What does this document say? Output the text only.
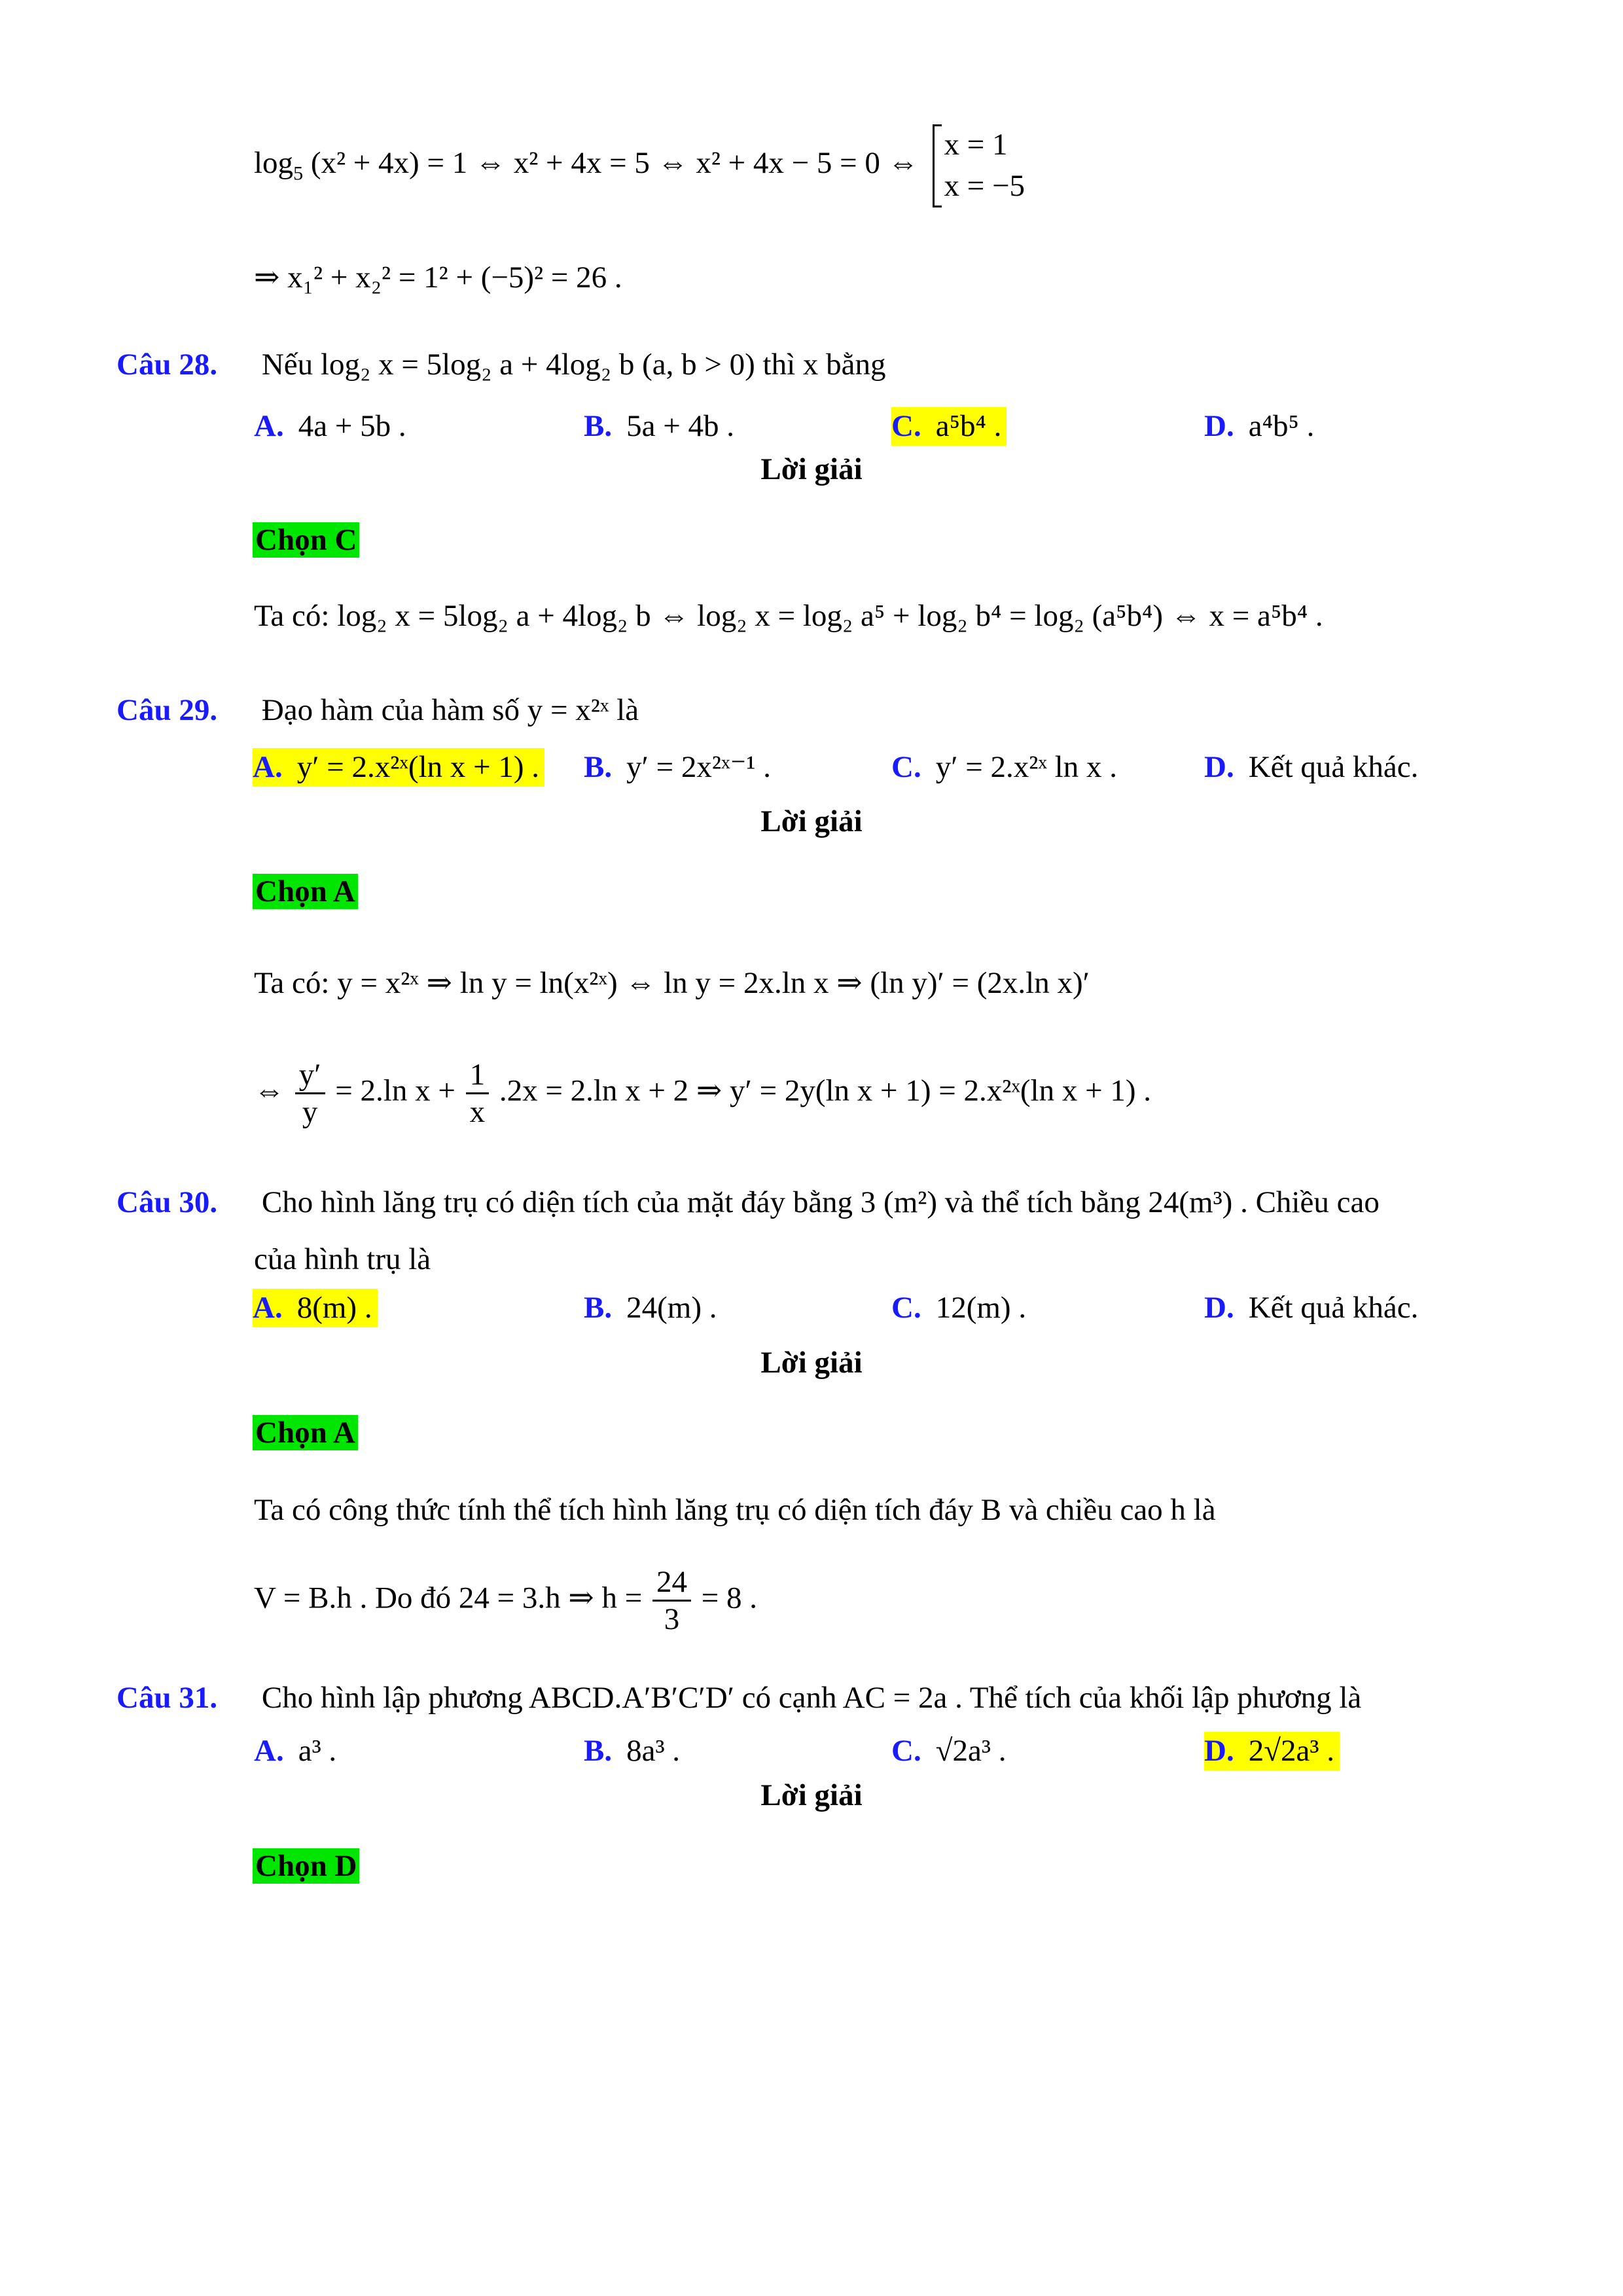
$\log_5 (x^2 + 4x) = 1$ ⇔ x² + 4x = 5 ⇔ x² + 4x − 5 = 0 ⇔
x = 1
x = −5
⇒ x₁² + x₂² = 1² + (−5)² = 26 .
Câu 28. Nếu log₂ x = 5log₂ a + 4log₂ b (a, b > 0) thì x bằng
A. 4a + 5b .	B. 5a + 4b .	C. a⁵b⁴ .	D. a⁴b⁵ .
Lời giải
Chọn C
Ta có: log₂ x = 5log₂ a + 4log₂ b ⇔ log₂ x = log₂ a⁵ + log₂ b⁴ = log₂ (a⁵b⁴) ⇔ x = a⁵b⁴ .
Câu 29. Đạo hàm của hàm số y = x²ˣ là
A. y′ = 2.x²ˣ(ln x + 1) . B. y′ = 2x²ˣ⁻¹ .	C. y′ = 2.x²ˣ ln x .	D. Kết quả khác.
Lời giải
Chọn A
Ta có: y = x²ˣ ⇒ ln y = ln(x²ˣ) ⇔ ln y = 2x.ln x ⇒ (ln y)′ = (2x.ln x)′
⇔ $\frac{y'}{y} = 2.\ln$ $x + \frac{1}{x} .2x = 2.\ln$ x + 2 ⇒ y′ = 2y(ln x + 1) = 2.x²ˣ(ln x + 1) .
Câu 30. Cho hình lăng trụ có diện tích của mặt đáy bằng 3 (m²) và thể tích bằng 24(m³) . Chiều cao
của hình trụ là
A. 8(m) .	B. 24(m) .	C. 12(m) .	D. Kết quả khác.
Lời giải
Chọn A
Ta có công thức tính thể tích hình lăng trụ có diện tích đáy B và chiều cao h là
V = B.h . Do đó 24 = 3.h ⇒ $h = \frac{24}{3} = 8$ .
Câu 31. Cho hình lập phương ABCD.A′B′C′D′ có cạnh AC = 2a . Thể tích của khối lập phương là
A. a³ .	B. 8a³ .	C. √2a³ .	D. 2√2a³ .
Lời giải
Chọn D
